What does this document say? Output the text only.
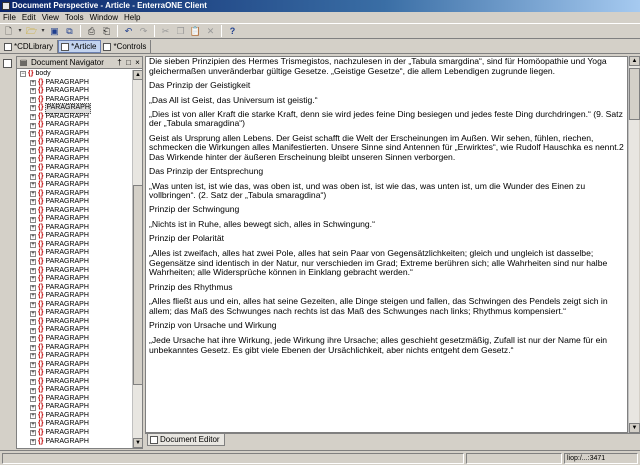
Document Perspective - Article - EnterraONE Client
File Edit View Tools Window Help
🗋	▾ 🗁 ▾ ▣ ⧉	⎙ ⎗	↶ ↷	✂ ❐ 📋 ✕	?
*CDLibrary *Article *Controls
▤ Document Navigator	† □ ×
− {} body
+ {} PARAGRAPH
+ {} PARAGRAPH
+ {} PARAGRAPH
+ {} PARAGRAPH
+ {} PARAGRAPH
+ {} PARAGRAPH
+ {} PARAGRAPH
+ {} PARAGRAPH
+ {} PARAGRAPH
+ {} PARAGRAPH
+ {} PARAGRAPH
+ {} PARAGRAPH
+ {} PARAGRAPH
+ {} PARAGRAPH
+ {} PARAGRAPH
+ {} PARAGRAPH
+ {} PARAGRAPH
+ {} PARAGRAPH
+ {} PARAGRAPH
+ {} PARAGRAPH
+ {} PARAGRAPH
+ {} PARAGRAPH
+ {} PARAGRAPH
+ {} PARAGRAPH
+ {} PARAGRAPH
+ {} PARAGRAPH
+ {} PARAGRAPH
+ {} PARAGRAPH
+ {} PARAGRAPH
+ {} PARAGRAPH
+ {} PARAGRAPH
+ {} PARAGRAPH
+ {} PARAGRAPH
+ {} PARAGRAPH
+ {} PARAGRAPH
+ {} PARAGRAPH
+ {} PARAGRAPH
+ {} PARAGRAPH
+ {} PARAGRAPH
+ {} PARAGRAPH
+ {} PARAGRAPH
+ {} PARAGRAPH
+ {} PARAGRAPH
▲
▼
Die sieben Prinzipien des Hermes Trismegistos, nachzulesen in der „Tabula smargdina“, sind für Homöopathie und Yoga gleichermaßen unveränderbar gültige Gesetze. „Geistige Gesetze“, die allem Lebendigen zugrunde liegen.
Das Prinzip der Geistigkeit
„Das All ist Geist, das Universum ist geistig.“
„Dies ist von aller Kraft die starke Kraft, denn sie wird jedes feine Ding besiegen und jedes feste Ding durchdringen.“ (9. Satz der „Tabula smaragdina“)
Geist als Ursprung allen Lebens. Der Geist schafft die Welt der Erscheinungen im Außen. Wir sehen, fühlen, riechen, schmecken die Wirkungen alles Manifestierten. Unsere Sinne sind Antennen für „Erwirktes“, wie Rudolf Hauschka es nennt.2 Das Wirkende hinter der äußeren Erscheinung bleibt unseren Sinnen verborgen.
Das Prinzip der Entsprechung
„Was unten ist, ist wie das, was oben ist, und was oben ist, ist wie das, was unten ist, um die Wunder des Einen zu vollbringen“. (2. Satz der „Tabula smaragdina“)
Prinzip der Schwingung
„Nichts ist in Ruhe, alles bewegt sich, alles in Schwingung.“
Prinzip der Polarität
„Alles ist zweifach, alles hat zwei Pole, alles hat sein Paar von Gegensätzlichkeiten; gleich und ungleich ist dasselbe; Gegensätze sind identisch in der Natur, nur verschieden im Grad; Extreme berühren sich; alle Wahrheiten sind nur halbe Wahrheiten; alle Widersprüche können in Einklang gebracht werden.“
Prinzip des Rhythmus
„Alles fließt aus und ein, alles hat seine Gezeiten, alle Dinge steigen und fallen, das Schwingen des Pendels zeigt sich in allem; das Maß des Schwunges nach rechts ist das Maß des Schwunges nach links; Rhythmus kompensiert.“
Prinzip von Ursache und Wirkung
„Jede Ursache hat ihre Wirkung, jede Wirkung ihre Ursache; alles geschieht gesetzmäßig, Zufall ist nur der Name für ein unbekanntes Gesetz. Es gibt viele Ebenen der Ursächlichkeit, aber nichts entgeht dem Gesetz.“
▲
▼
Document Editor
liop:/...:3471
